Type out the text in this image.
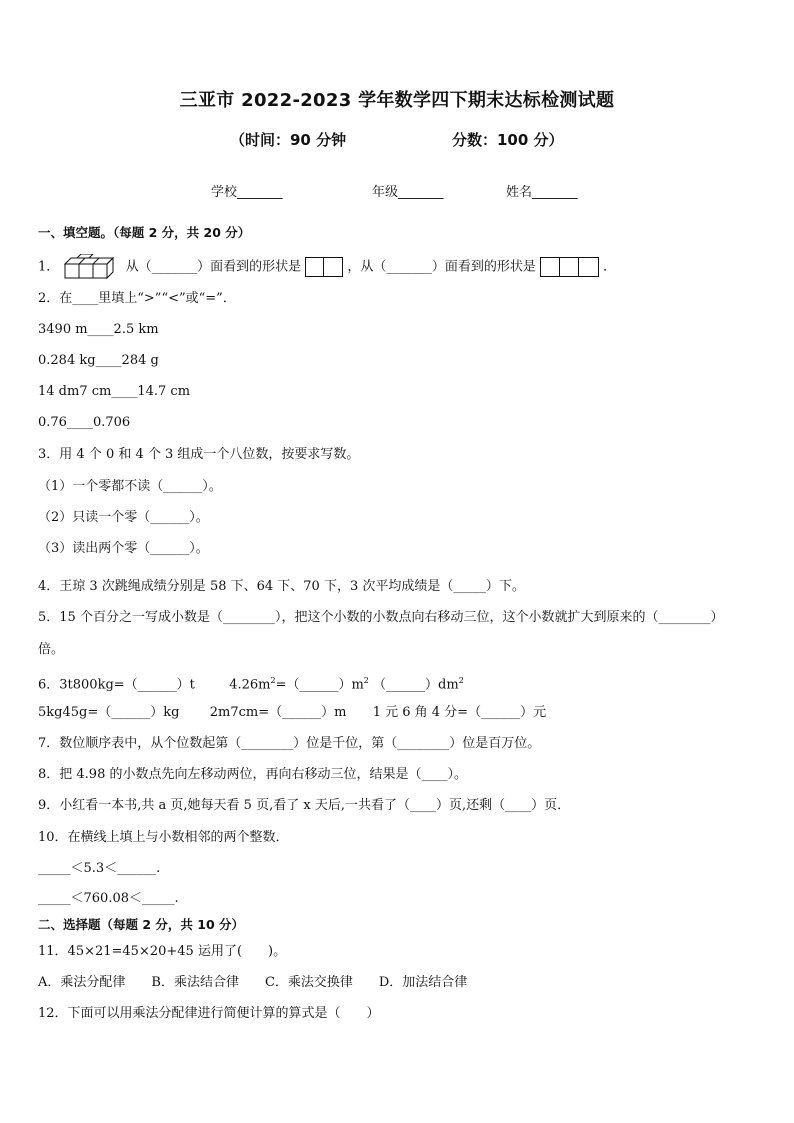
三亚市 2022-2023 学年数学四下期末达标检测试题
（时间：90 分钟	分数：100 分）
学校_______	年级_______	姓名_______
一、填空题。（每题 2 分，共 20 分）
1．	从（_______）面看到的形状是	，从（_______）面看到的形状是	．
2．在____里填上“>”“<”或“=”．
3490 m____2.5 km
0.284 kg____284 g
14 dm7 cm____14.7 cm
0.76____0.706
3．用 4 个 0 和 4 个 3 组成一个八位数，按要求写数。
（1）一个零都不读（______）。
（2）只读一个零（______）。
（3）读出两个零（______）。
4．王琼 3 次跳绳成绩分别是 58 下、64 下、70 下，3 次平均成绩是（_____）下。
5．15 个百分之一写成小数是（________），把这个小数的小数点向右移动三位，这个小数就扩大到原来的（________）
倍。
6．3t800kg=（______）t	$4.26m^2=(\_\_\_\_\_\_)m^2$ $(\_\_\_\_\_\_)dm^2$
5kg45g=（______）kg 2m7cm=（______）m 1 元 6 角 4 分=（______）元
7．数位顺序表中，从个位数起第（________）位是千位，第（________）位是百万位。
8．把 4.98 的小数点先向左移动两位，再向右移动三位，结果是（____）。
9．小红看一本书,共 a 页,她每天看 5 页,看了 x 天后,一共看了（____）页,还剩（____）页．
10．在横线上填上与小数相邻的两个整数．
_____＜5.3＜______.
_____＜760.08＜_____.
二、选择题（每题 2 分，共 10 分）
11．45×21=45×20+45 运用了(　　)。
A．乘法分配律　　B．乘法结合律　　C．乘法交换律　　D．加法结合律
12．下面可以用乘法分配律进行简便计算的算式是（　　）
